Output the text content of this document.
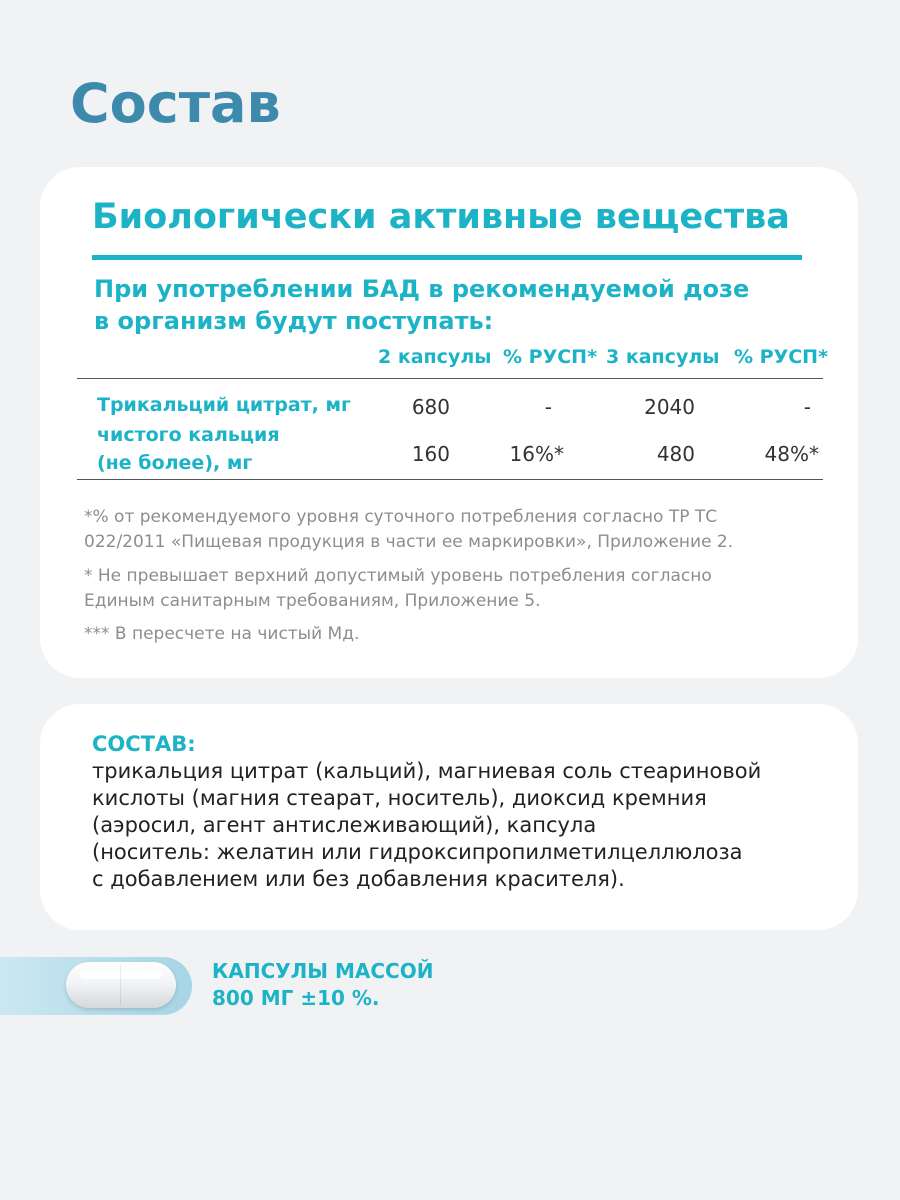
Состав
Биологически активные вещества

При употреблении БАД в рекомендуемой дозе
в организм будут поступать:

2 капсулы % РУСП* 3 капсулы % РУСП*
Трикальций цитрат, мг	680	-	2040	-
чистого кальция
(не более), мг	160	16%*	480	48%*

*% от рекомендуемого уровня суточного потребления согласно ТР ТС
022/2011 «Пищевая продукция в части ее маркировки», Приложение 2.

* Не превышает верхний допустимый уровень потребления согласно
Единым санитарным требованиям, Приложение 5.

*** В пересчете на чистый Мд.

СОСТАВ:

трикальция цитрат (кальций), магниевая соль стеариновой
кислоты (магния стеарат, носитель), диоксид кремния
(аэросил, агент антислеживающий), капсула
(носитель: желатин или гидроксипропилметилцеллюлоза
с добавлением или без добавления красителя).

КАПСУЛЫ МАССОЙ
800 МГ ±10 %.
